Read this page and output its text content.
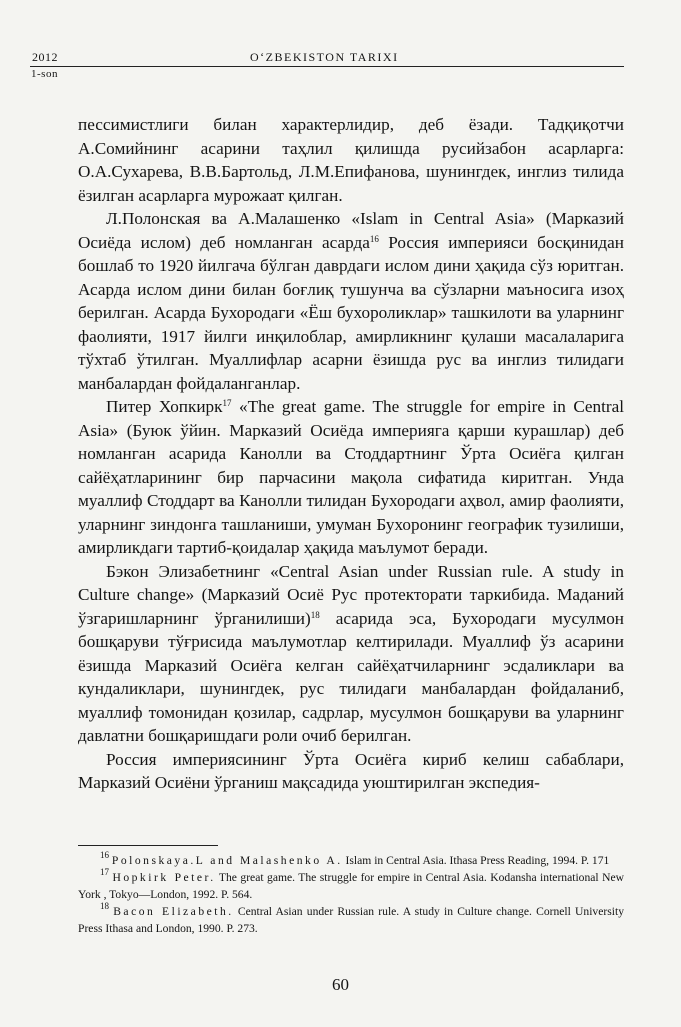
2012	O‘ZBEKISTON TARIXI
1-son

пессимистлиги билан характерлидир, деб ёзади. Тадқиқотчи А.Сомийнинг асарини таҳлил қилишда русийзабон асарларга: О.А.Сухарева, В.В.Бартольд, Л.М.Епифанова, шунингдек, инглиз тилида ёзилган асарларга мурожаат қилган.

Л.Полонская ва А.Малашенко «Islam in Central Asia» (Марказий Осиёда ислом) деб номланган асарда$^{16}$ Россия империяси босқинидан бошлаб то 1920 йилгача бўлган даврдаги ислом дини ҳақида сўз юритган. Асарда ислом дини билан боғлиқ тушунча ва сўзларни маъносига изоҳ берилган. Асарда Бухородаги «Ёш бухороликлар» ташкилоти ва уларнинг фаолияти, 1917 йилги инқилоблар, амирликнинг қулаши масалаларига тўхтаб ўтилган. Муаллифлар асарни ёзишда рус ва инглиз тилидаги манбалардан фойдаланганлар.

Питер Хопкирк$^{17}$ «The great game. The struggle for empire in Central Asia» (Буюк ўйин. Марказий Осиёда империяга қарши курашлар) деб номланган асарида Канолли ва Стоддартнинг Ўрта Осиёга қилган сайёҳатларининг бир парчасини мақола сифатида киритган. Унда муаллиф Стоддарт ва Канолли тилидан Бухородаги аҳвол, амир фаолияти, уларнинг зиндонга ташланиши, умуман Бухоронинг географик тузилиши, амирликдаги тартиб-қоидалар ҳақида маълумот беради.

Бэкон Элизабетнинг «Central Asian under Russian rule. A study in Culture change» (Марказий Осиё Рус протекторати таркибида. Маданий ўзгаришларнинг ўрганилиши)$^{18}$ асарида эса, Бухородаги мусулмон бошқаруви тўғрисида маълумотлар келтирилади. Муаллиф ўз асарини ёзишда Марказий Осиёга келган сайёҳатчиларнинг эсдаликлари ва кундаликлари, шунингдек, рус тилидаги манбалардан фойдаланиб, муаллиф томонидан қозилар, садрлар, мусулмон бошқаруви ва уларнинг давлатни бошқаришдаги роли очиб берилган.

Россия империясининг Ўрта Осиёга кириб келиш сабаблари, Марказий Осиёни ўрганиш мақсадида уюштирилган экспедия-

$^{16}$ Polonskaya.L and Malashenko A. Islam in Central Asia. Ithasa Press Reading, 1994. P. 171

$^{17}$ Hopkirk Peter. The great game. The struggle for empire in Central Asia. Kodansha international New York , Tokyo—London, 1992. P. 564.

$^{18}$ Bacon Elizabeth. Central Asian under Russian rule. A study in Culture change. Cornell University Press Ithasa and London, 1990. P. 273.

60
